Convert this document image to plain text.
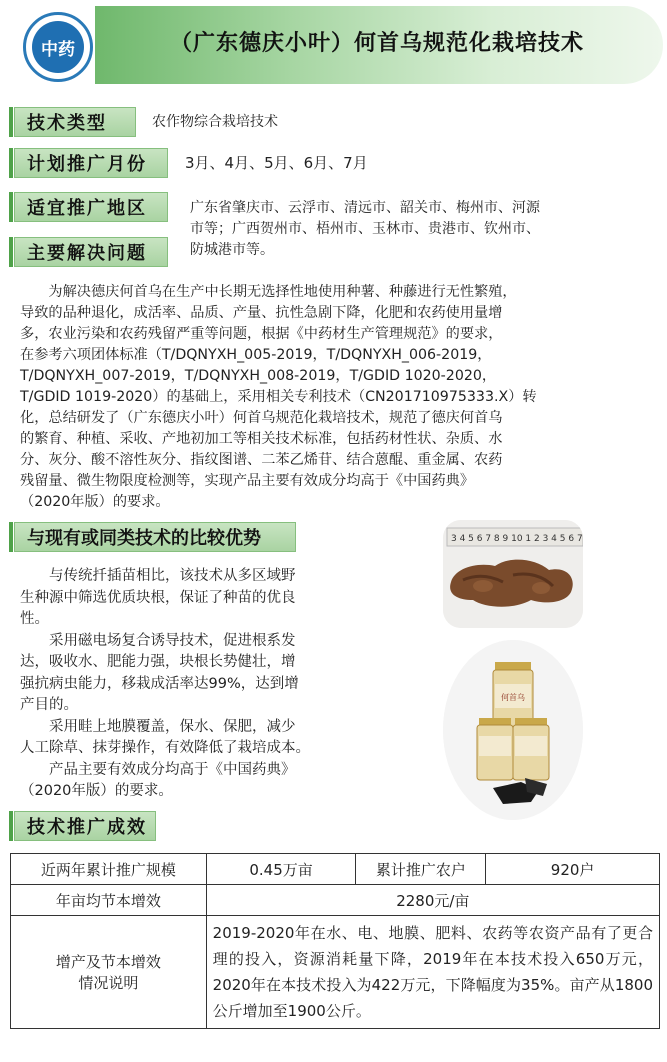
中药	（广东德庆小叶）何首乌规范化栽培技术
技术类型	农作物综合栽培技术
计划推广月份	3月、4月、5月、6月、7月
适宜推广地区	广东省肇庆市、云浮市、清远市、韶关市、梅州市、河源
市等；广西贺州市、梧州市、玉林市、贵港市、钦州市、
防城港市等。
主要解决问题
为解决德庆何首乌在生产中长期无选择性地使用种薯、种藤进行无性繁殖，
导致的品种退化，成活率、品质、产量、抗性急剧下降，化肥和农药使用量增
多，农业污染和农药残留严重等问题，根据《中药材生产管理规范》的要求，
在参考六项团体标准（T/DQNYXH_005-2019，T/DQNYXH_006-2019，
T/DQNYXH_007-2019，T/DQNYXH_008-2019，T/GDID 1020-2020，
T/GDID 1019-2020）的基础上，采用相关专利技术（CN201710975333.X）转
化，总结研发了（广东德庆小叶）何首乌规范化栽培技术，规范了德庆何首乌
的繁育、种植、采收、产地初加工等相关技术标准，包括药材性状、杂质、水
分、灰分、酸不溶性灰分、指纹图谱、二苯乙烯苷、结合蒽醌、重金属、农药
残留量、微生物限度检测等，实现产品主要有效成分均高于《中国药典》
（2020年版）的要求。
与现有或同类技术的比较优势
与传统扦插苗相比，该技术从多区域野
生种源中筛选优质块根，保证了种苗的优良
性。
采用磁电场复合诱导技术，促进根系发
达，吸收水、肥能力强，块根长势健壮，增
强抗病虫能力，移栽成活率达99%，达到增
产目的。
采用畦上地膜覆盖，保水、保肥，减少
人工除草、抹芽操作，有效降低了栽培成本。
产品主要有效成分均高于《中国药典》
（2020年版）的要求。
3 4 5 6 7 8 9 10 1 2 3 4 5 6 7
何首乌
技术推广成效
近两年累计推广规模	0.45万亩	累计推广农户	920户
年亩均节本增效	2280元/亩		

增产及节本增效
情况说明	2019-2020年在水、电、地膜、肥料、农药等农资产品有了更合理的投入，资源消耗量下降，2019年在本技术投入650万元，2020年在本技术投入为422万元，下降幅度为35%。亩产从1800公斤增加至1900公斤。		
